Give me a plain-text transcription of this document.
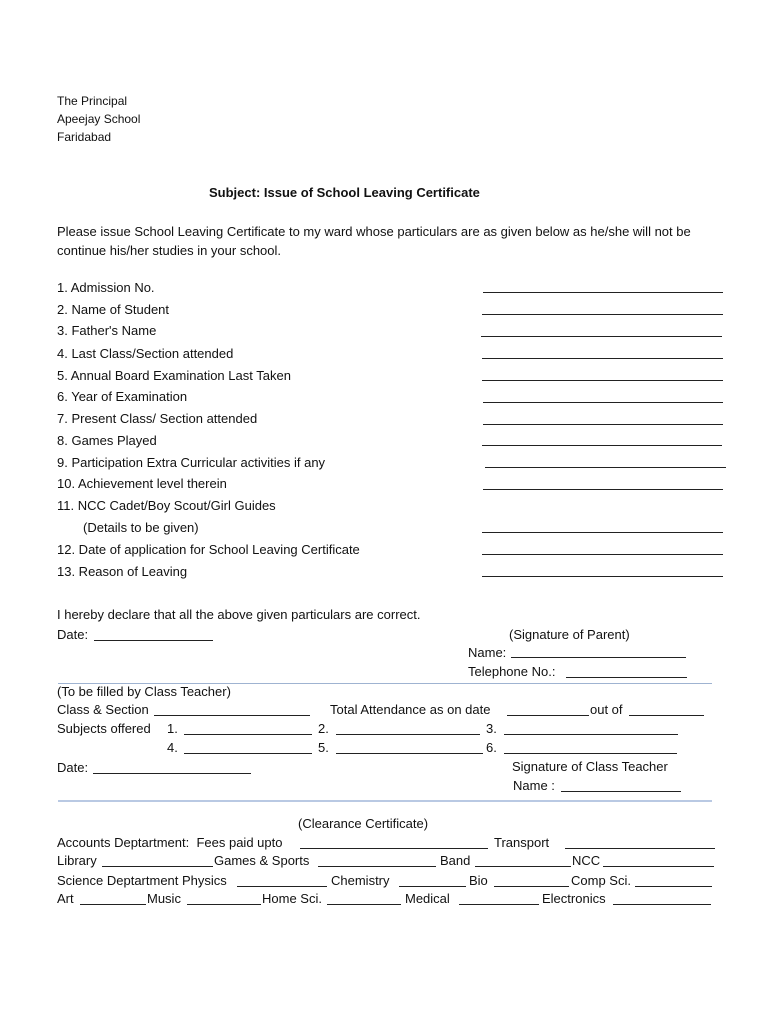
The Principal
Apeejay School
Faridabad
Subject: Issue of School Leaving Certificate
Please issue School Leaving Certificate to my ward whose particulars are as given below as he/she will not be
continue his/her studies in your school.
1. Admission No.
2. Name of Student
3. Father's Name
4. Last Class/Section attended
5. Annual Board Examination Last Taken
6. Year of Examination
7. Present Class/ Section attended
8. Games Played
9. Participation Extra Curricular activities if any
10. Achievement level therein
11. NCC Cadet/Boy Scout/Girl Guides
(Details to be given)
12. Date of application for School Leaving Certificate
13. Reason of Leaving
I hereby declare that all the above given particulars are correct.
Date:	(Signature of Parent)
Name:
Telephone No.:
(To be filled by Class Teacher)
Class & Section	Total Attendance as on date	out of
Subjects offered 1.	2.	3.
4.	5.	6.
Date:	Signature of Class Teacher
Name :
(Clearance Certificate)
Accounts Deptartment:  Fees paid upto	Transport
Library	Games & Sports	Band	NCC
Science Deptartment Physics	Chemistry	Bio	Comp Sci.
Art	Music	Home Sci.	Medical	Electronics
